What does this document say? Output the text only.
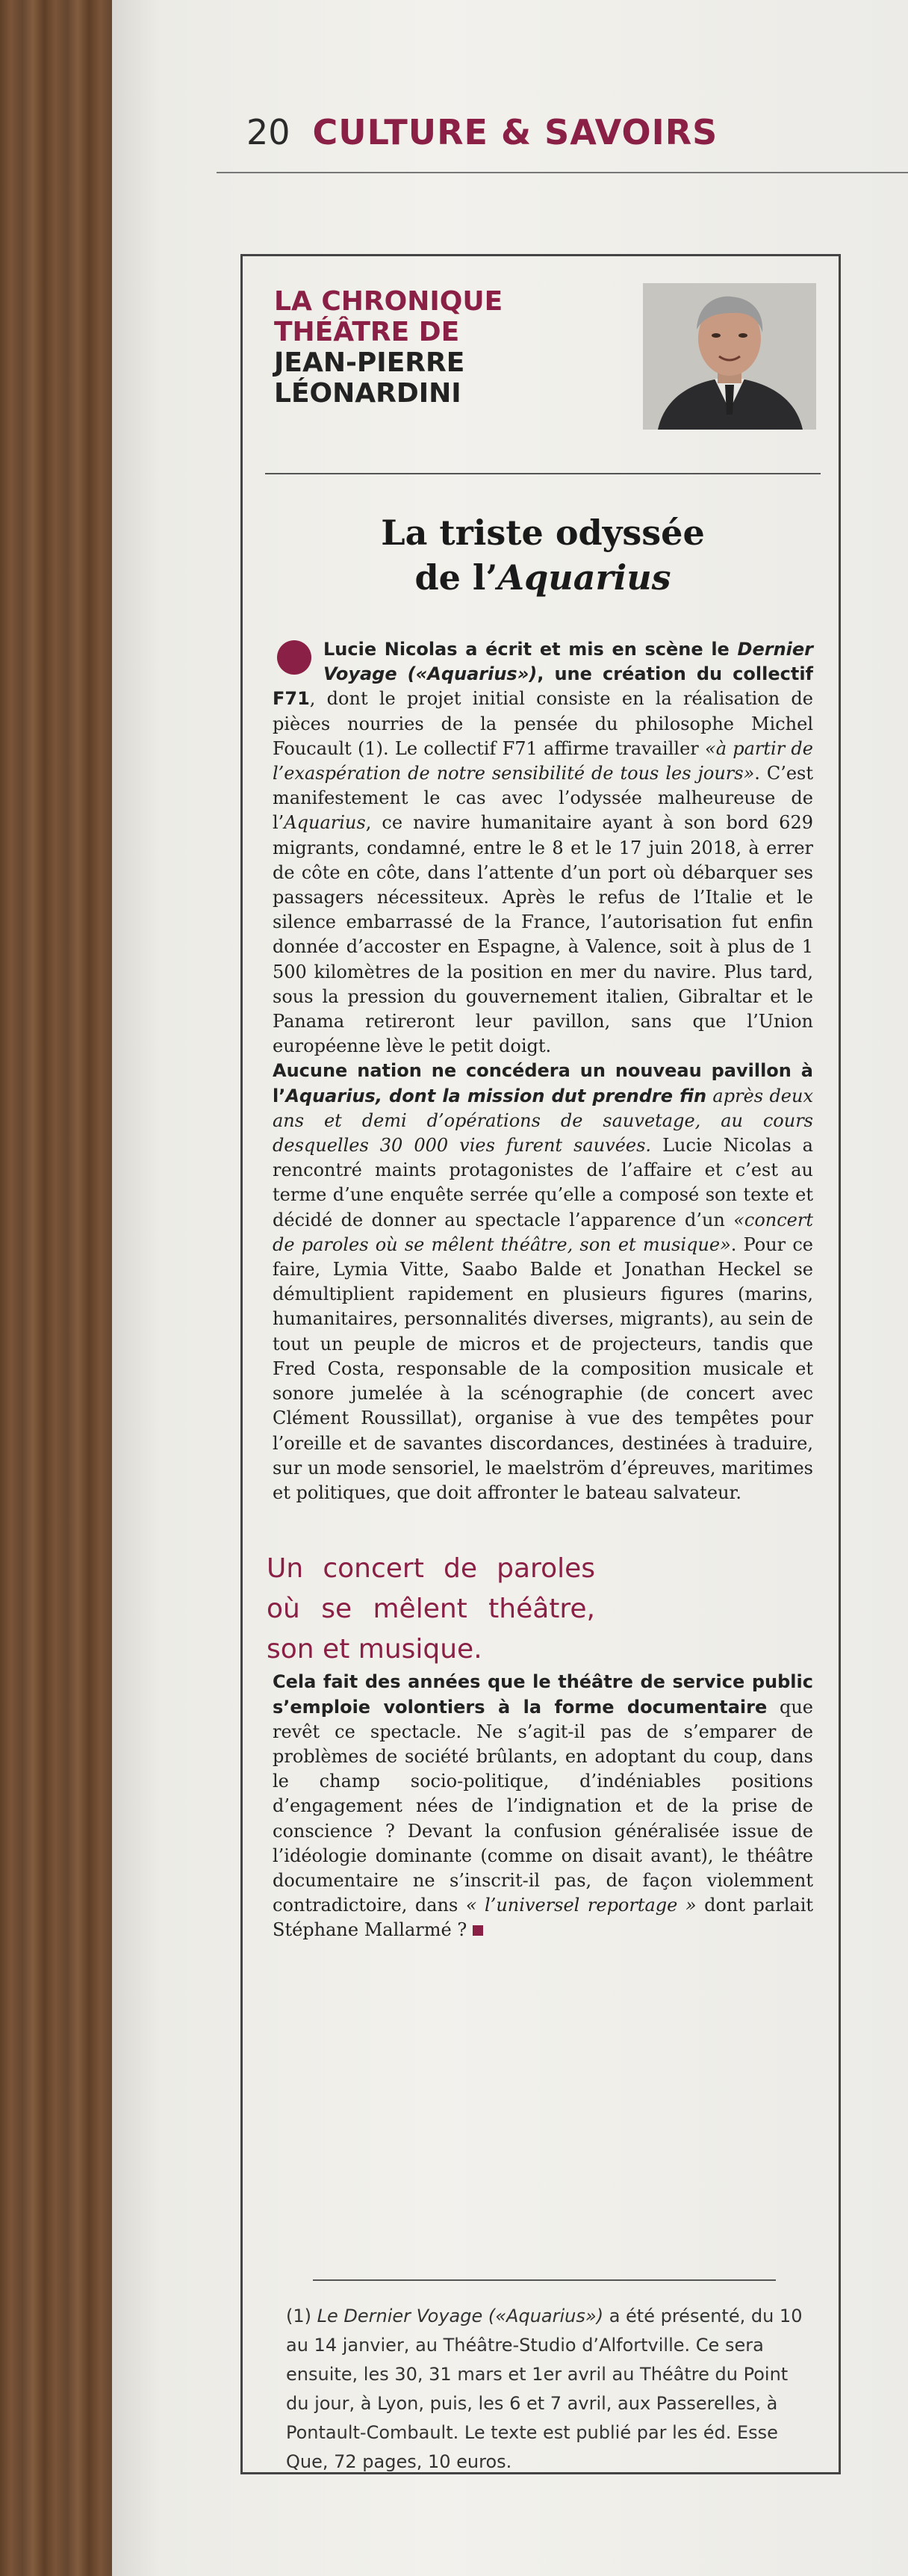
20 CULTURE & SAVOIRS
LA CHRONIQUE
THÉÂTRE DE
JEAN-PIERRE
LÉONARDINI
La triste odyssée
de l’Aquarius

Lucie Nicolas a écrit et mis en scène le Dernier Voyage («Aquarius»), une création du collectif F71, dont le projet initial consiste en la réalisation de pièces nourries de la pensée du philosophe Michel Foucault (1). Le collectif F71 affirme travailler «à partir de l’exaspération de notre sensibilité de tous les jours». C’est manifestement le cas avec l’odyssée malheureuse de l’Aquarius, ce navire humanitaire ayant à son bord 629 migrants, condamné, entre le 8 et le 17 juin 2018, à errer de côte en côte, dans l’attente d’un port où débarquer ses passagers nécessiteux. Après le refus de l’Italie et le silence embarrassé de la France, l’autorisation fut enfin donnée d’accoster en Espagne, à Valence, soit à plus de 1 500 kilomètres de la position en mer du navire. Plus tard, sous la pression du gouvernement italien, Gibraltar et le Panama retireront leur pavillon, sans que l’Union européenne lève le petit doigt.

Aucune nation ne concédera un nouveau pavillon à l’Aquarius, dont la mission dut prendre fin après deux ans et demi d’opérations de sauvetage, au cours desquelles 30 000 vies furent sauvées. Lucie Nicolas a rencontré maints protagonistes de l’affaire et c’est au terme d’une enquête serrée qu’elle a composé son texte et décidé de donner au spectacle l’apparence d’un «concert de paroles où se mêlent théâtre, son et musique». Pour ce faire, Lymia Vitte, Saabo Balde et Jonathan Heckel se démultiplient rapidement en plusieurs figures (marins, humanitaires, personnalités diverses, migrants), au sein de tout un peuple de micros et de projecteurs, tandis que Fred Costa, responsable de la composition musicale et sonore jumelée à la scénographie (de concert avec Clément Roussillat), organise à vue des tempêtes pour l’oreille et de savantes discordances, destinées à traduire, sur un mode sensoriel, le maelström d’épreuves, maritimes et politiques, que doit affronter le bateau salvateur.

Un concert de paroles où se mêlent théâtre, son et musique.

Cela fait des années que le théâtre de service public s’emploie volontiers à la forme documentaire que revêt ce spectacle. Ne s’agit-il pas de s’emparer de problèmes de société brûlants, en adoptant du coup, dans le champ socio-politique, d’indéniables positions d’engagement nées de l’indignation et de la prise de conscience ? Devant la confusion généralisée issue de l’idéologie dominante (comme on disait avant), le théâtre documentaire ne s’inscrit-il pas, de façon violemment contradictoire, dans « l’universel reportage » dont parlait Stéphane Mallarmé ?

(1) Le Dernier Voyage («Aquarius») a été présenté, du 10 au 14 janvier, au Théâtre-Studio d’Alfortville. Ce sera ensuite, les 30, 31 mars et 1er avril au Théâtre du Point du jour, à Lyon, puis, les 6 et 7 avril, aux Passerelles, à Pontault-Combault. Le texte est publié par les éd. Esse Que, 72 pages, 10 euros.
